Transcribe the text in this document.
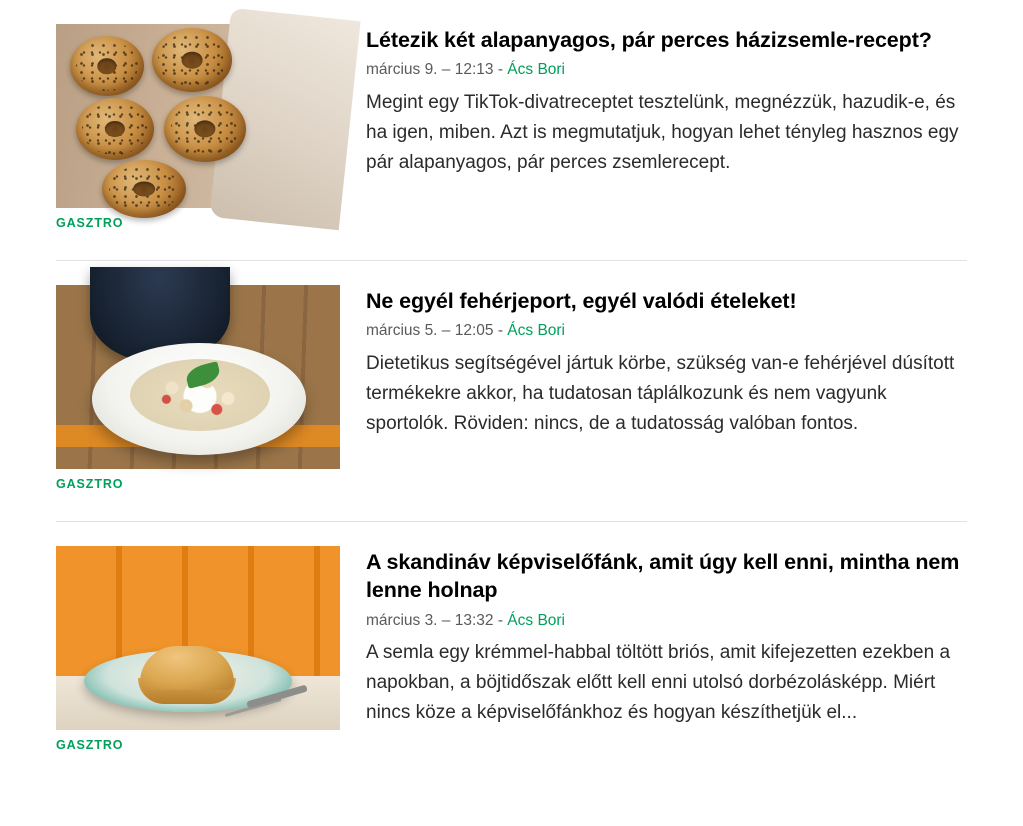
GASZTRO
Létezik két alapanyagos, pár perces házizsemle-recept?

március 9. – 12:13 - Ács Bori

Megint egy TikTok-divatreceptet tesztelünk, megnézzük, hazudik-e, és ha igen, miben. Azt is megmutatjuk, hogyan lehet tényleg hasznos egy pár alapanyagos, pár perces zsemlerecept.

GASZTRO
Ne egyél fehérjeport, egyél valódi ételeket!

március 5. – 12:05 - Ács Bori

Dietetikus segítségével jártuk körbe, szükség van-e fehérjével dúsított termékekre akkor, ha tudatosan táplálkozunk és nem vagyunk sportolók. Röviden: nincs, de a tudatosság valóban fontos.

GASZTRO
A skandináv képviselőfánk, amit úgy kell enni, mintha nem lenne holnap

március 3. – 13:32 - Ács Bori

A semla egy krémmel-habbal töltött briós, amit kifejezetten ezekben a napokban, a böjtidőszak előtt kell enni utolsó dorbézolásképp. Miért nincs köze a képviselőfánkhoz és hogyan készíthetjük el...
